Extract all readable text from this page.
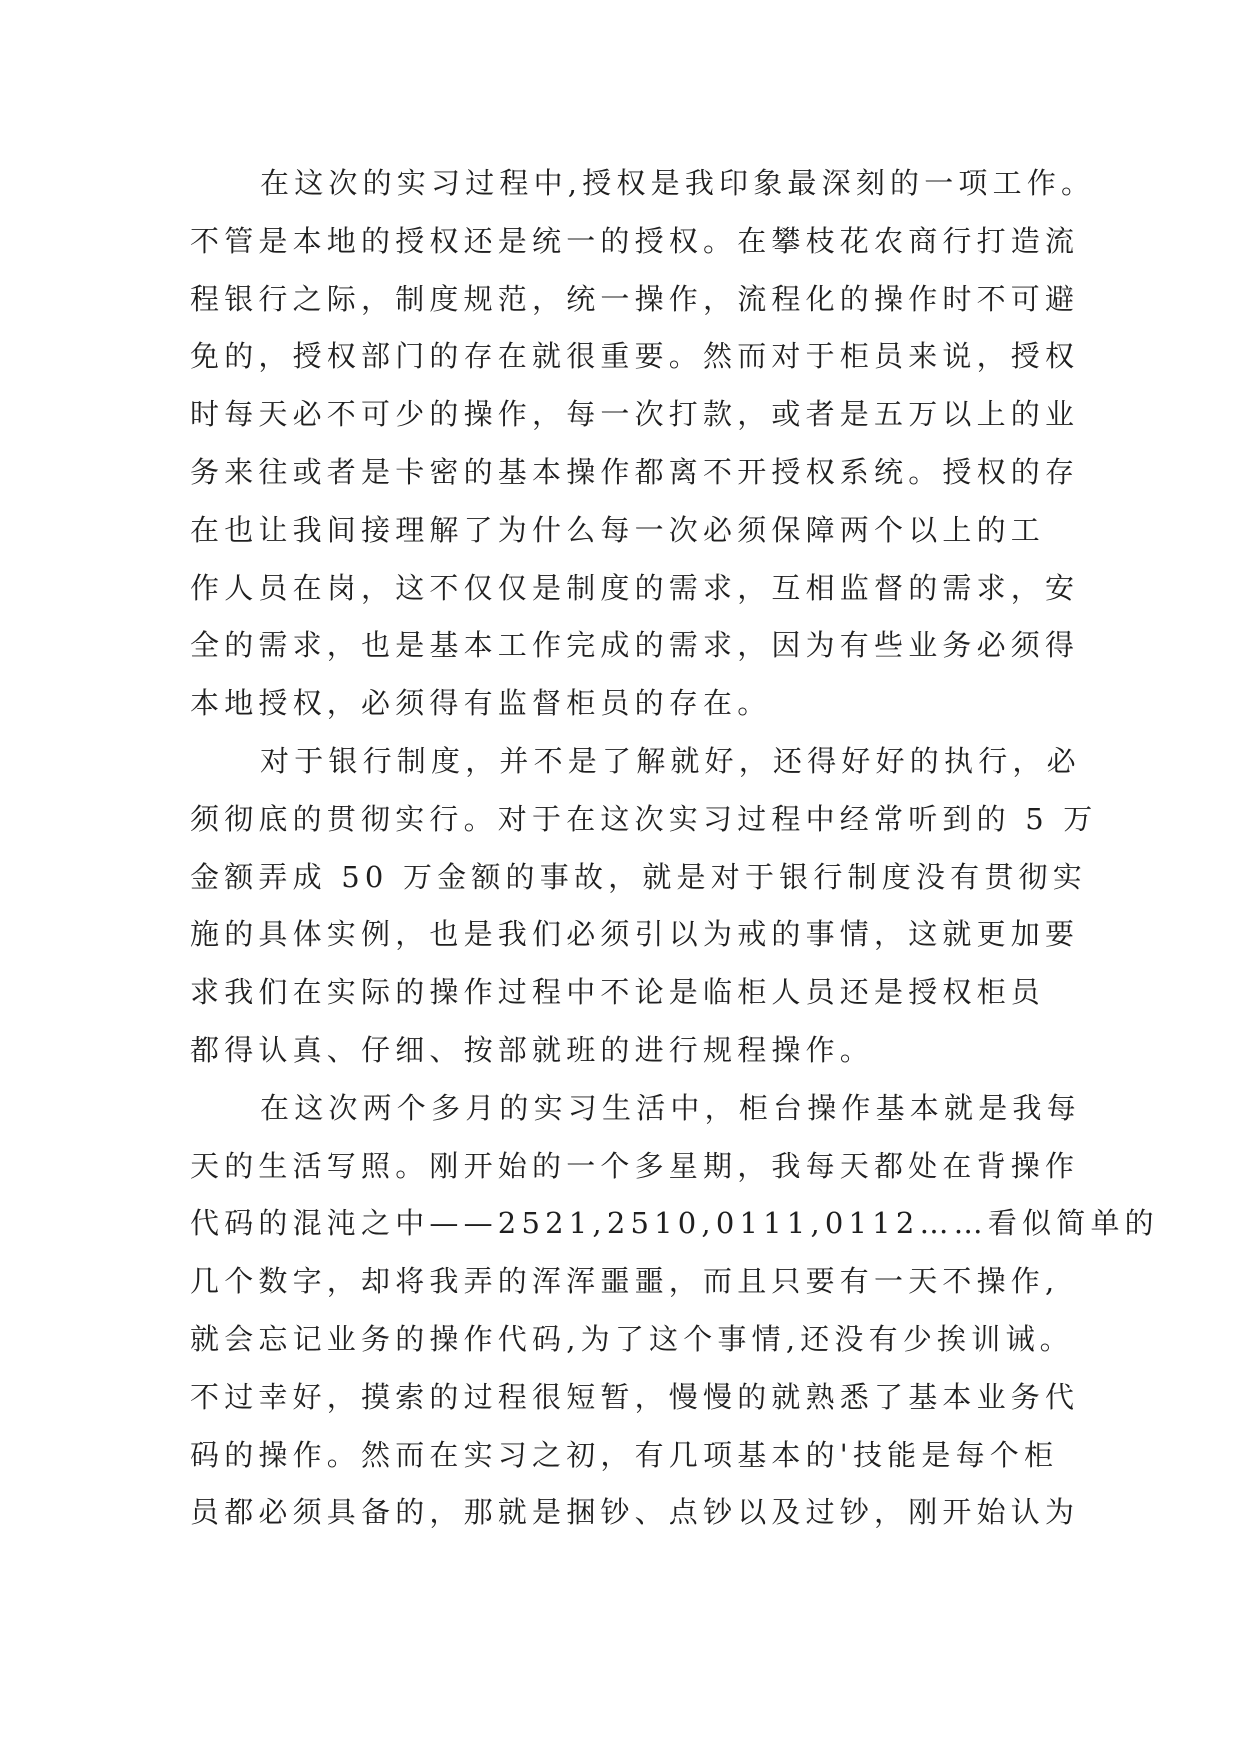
在这次的实习过程中,授权是我印象最深刻的一项工作。
不管是本地的授权还是统一的授权。在攀枝花农商行打造流
程银行之际，制度规范，统一操作，流程化的操作时不可避
免的，授权部门的存在就很重要。然而对于柜员来说，授权
时每天必不可少的操作，每一次打款，或者是五万以上的业
务来往或者是卡密的基本操作都离不开授权系统。授权的存
在也让我间接理解了为什么每一次必须保障两个以上的工
作人员在岗，这不仅仅是制度的需求，互相监督的需求，安
全的需求，也是基本工作完成的需求，因为有些业务必须得
本地授权，必须得有监督柜员的存在。
对于银行制度，并不是了解就好，还得好好的执行，必
须彻底的贯彻实行。对于在这次实习过程中经常听到的 5 万
金额弄成 50 万金额的事故，就是对于银行制度没有贯彻实
施的具体实例，也是我们必须引以为戒的事情，这就更加要
求我们在实际的操作过程中不论是临柜人员还是授权柜员
都得认真、仔细、按部就班的进行规程操作。
在这次两个多月的实习生活中，柜台操作基本就是我每
天的生活写照。刚开始的一个多星期，我每天都处在背操作
代码的混沌之中——2521,2510,0111,0112……看似简单的
几个数字，却将我弄的浑浑噩噩，而且只要有一天不操作,
就会忘记业务的操作代码,为了这个事情,还没有少挨训诫。
不过幸好，摸索的过程很短暂，慢慢的就熟悉了基本业务代
码的操作。然而在实习之初，有几项基本的'技能是每个柜
员都必须具备的，那就是捆钞、点钞以及过钞，刚开始认为
